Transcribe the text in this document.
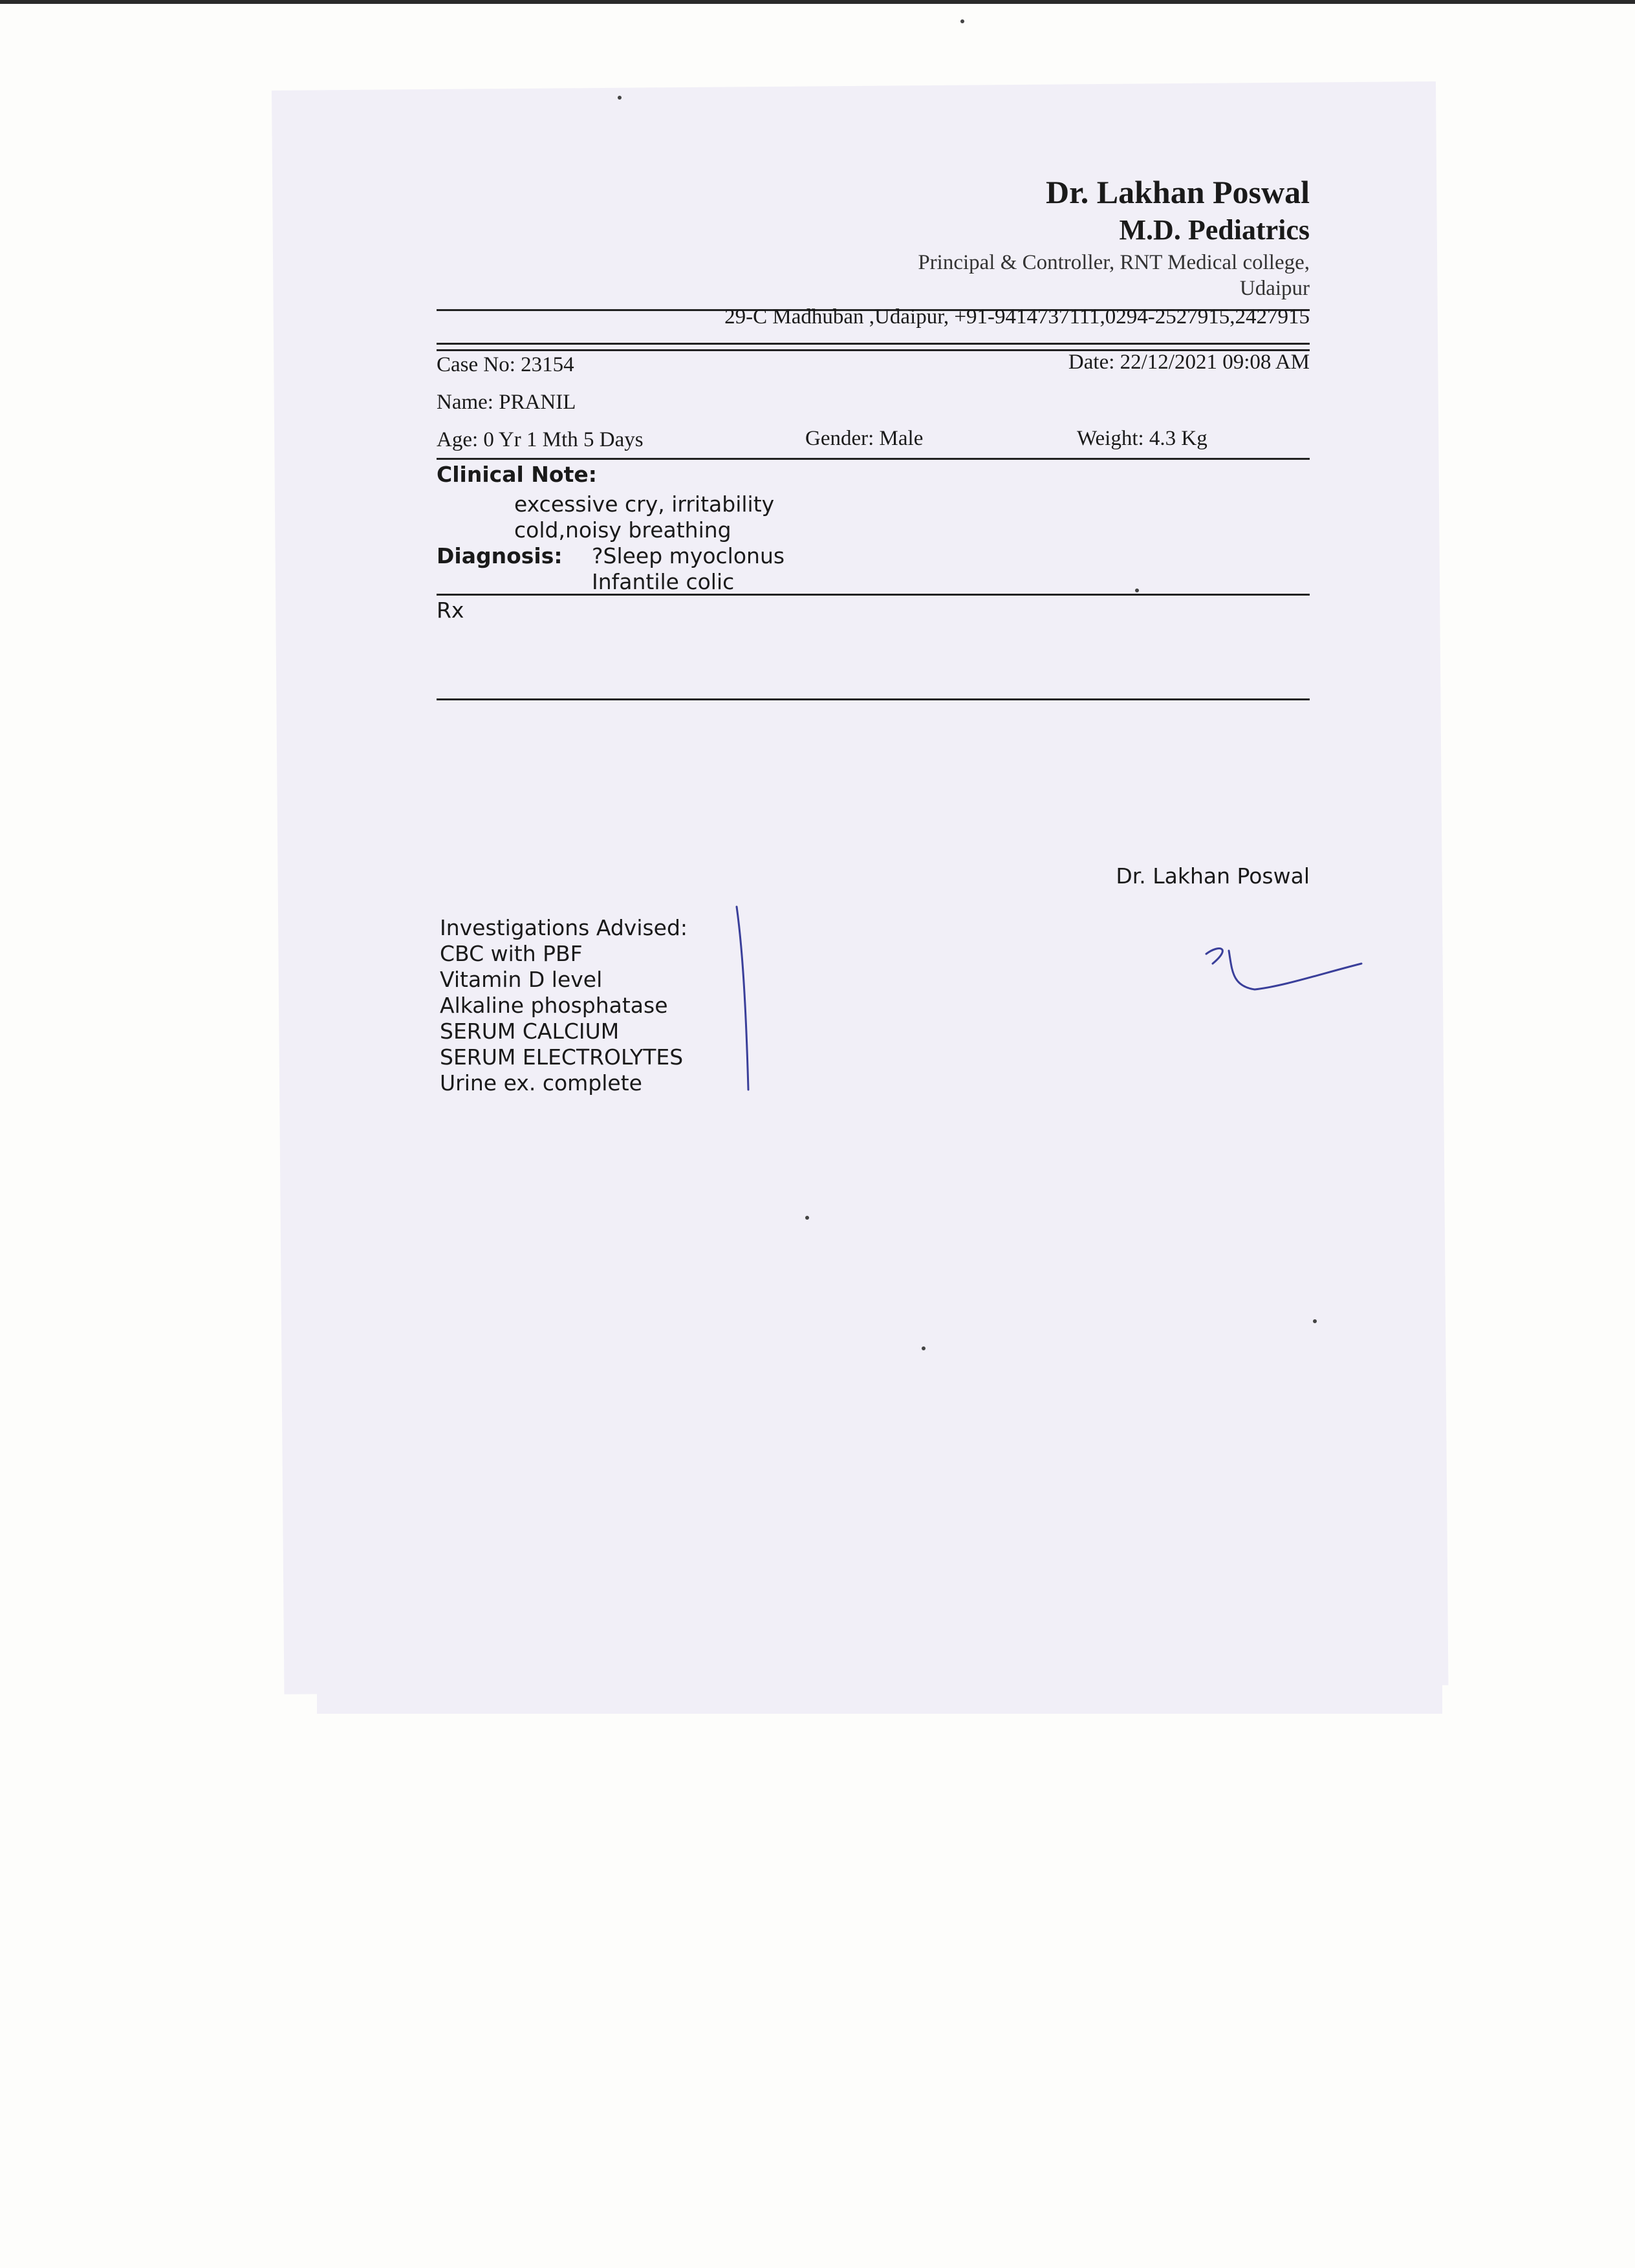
Dr. Lakhan Poswal
M.D. Pediatrics
Principal & Controller, RNT Medical college,
Udaipur
29-C Madhuban ,Udaipur, +91-9414737111,0294-2527915,2427915
Case No: 23154	Date: 22/12/2021 09:08 AM
Name: PRANIL
Age: 0 Yr 1 Mth 5 Days	Gender: Male	Weight: 4.3 Kg
Clinical Note:
excessive cry, irritability
cold,noisy breathing
Diagnosis: ?Sleep myoclonus
Infantile colic
Rx
Dr. Lakhan Poswal
Investigations Advised:
CBC with PBF
Vitamin D level
Alkaline phosphatase
SERUM CALCIUM
SERUM ELECTROLYTES
Urine ex. complete
